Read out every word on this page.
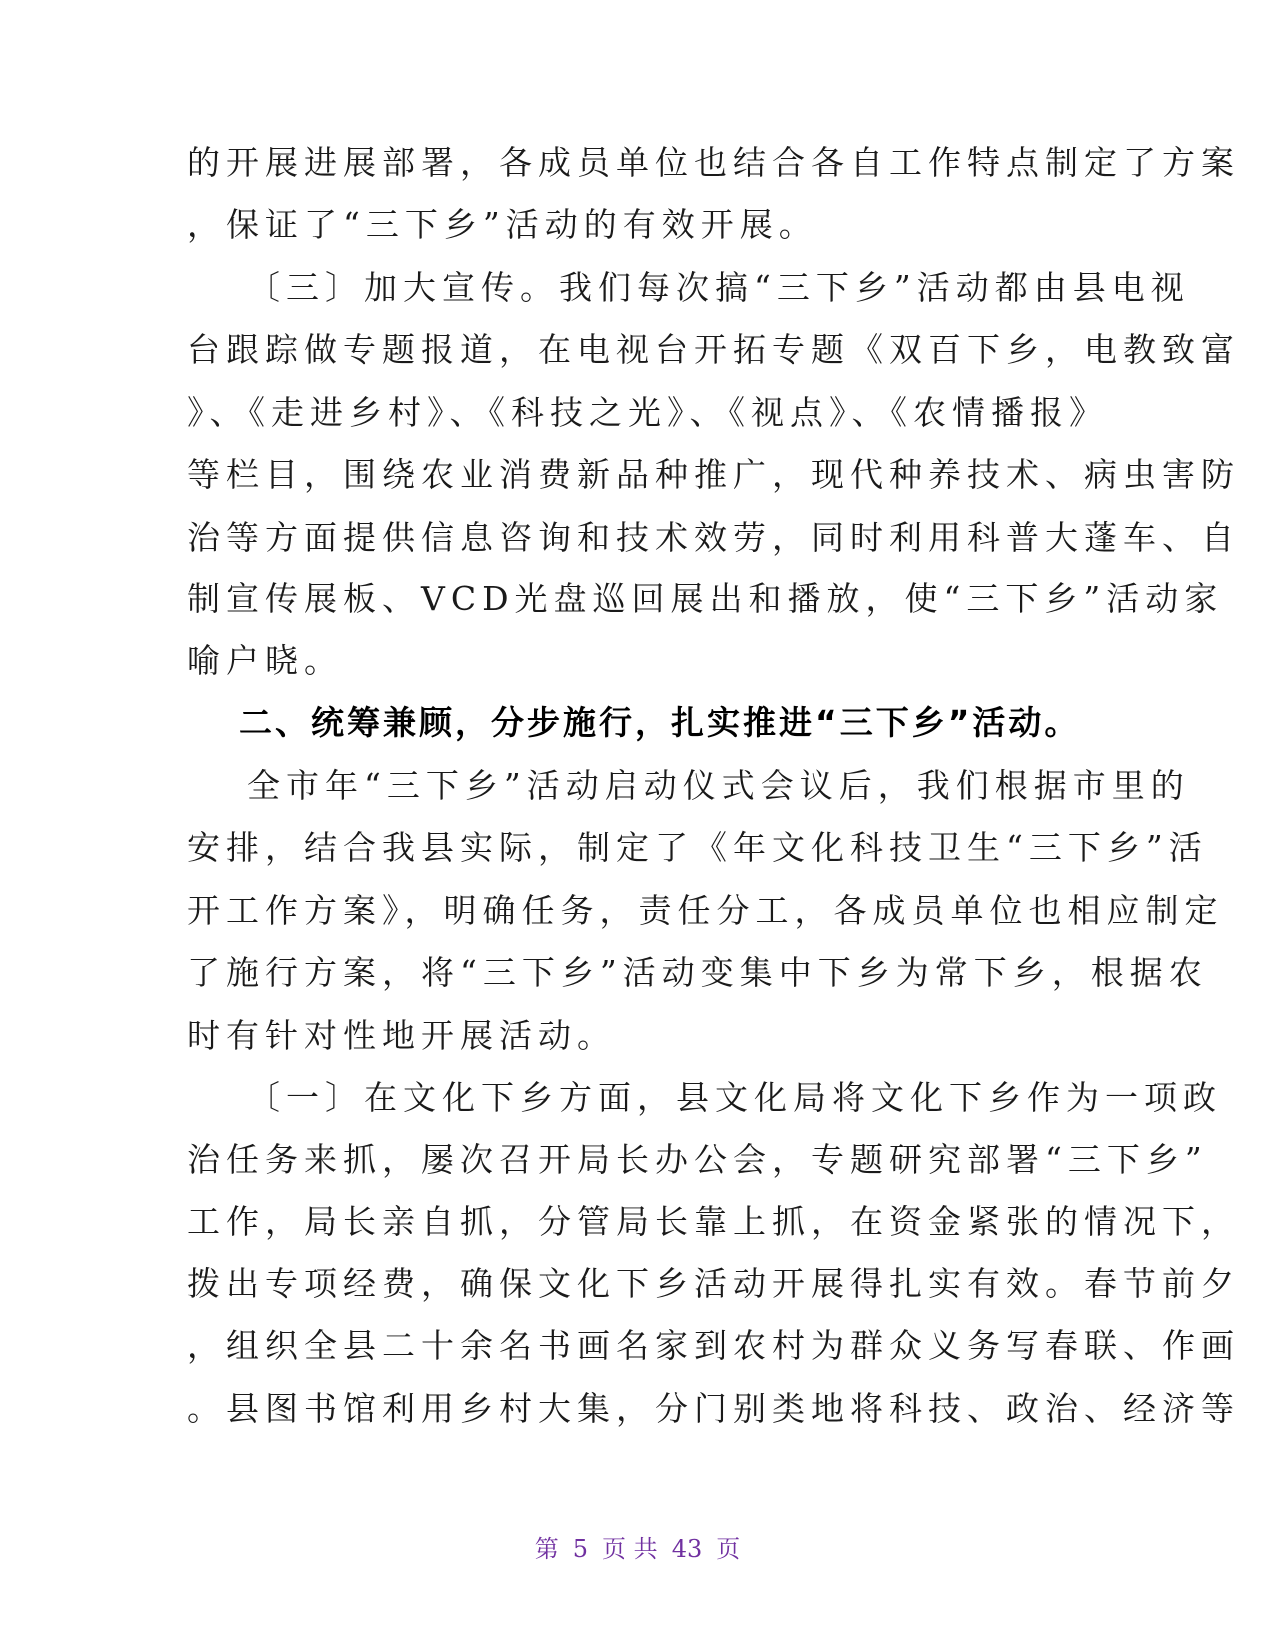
的开展进展部署，各成员单位也结合各自工作特点制定了方案
，保证了“三下乡”活动的有效开展。
〔三〕加大宣传。我们每次搞“三下乡”活动都由县电视
台跟踪做专题报道，在电视台开拓专题《双百下乡，电教致富
》、《走进乡村》、《科技之光》、《视点》、《农情播报》
等栏目，围绕农业消费新品种推广，现代种养技术、病虫害防
治等方面提供信息咨询和技术效劳，同时利用科普大蓬车、自
制宣传展板、VCD光盘巡回展出和播放，使“三下乡”活动家
喻户晓。
二、统筹兼顾，分步施行，扎实推进“三下乡”活动。
全市年“三下乡”活动启动仪式会议后，我们根据市里的
安排，结合我县实际，制定了《年文化科技卫生“三下乡”活
开工作方案》，明确任务，责任分工，各成员单位也相应制定
了施行方案，将“三下乡”活动变集中下乡为常下乡，根据农
时有针对性地开展活动。
〔一〕在文化下乡方面，县文化局将文化下乡作为一项政
治任务来抓，屡次召开局长办公会，专题研究部署“三下乡”
工作，局长亲自抓，分管局长靠上抓，在资金紧张的情况下，
拨出专项经费，确保文化下乡活动开展得扎实有效。春节前夕
，组织全县二十余名书画名家到农村为群众义务写春联、作画
。县图书馆利用乡村大集，分门别类地将科技、政治、经济等
第 5 页 共 43 页
